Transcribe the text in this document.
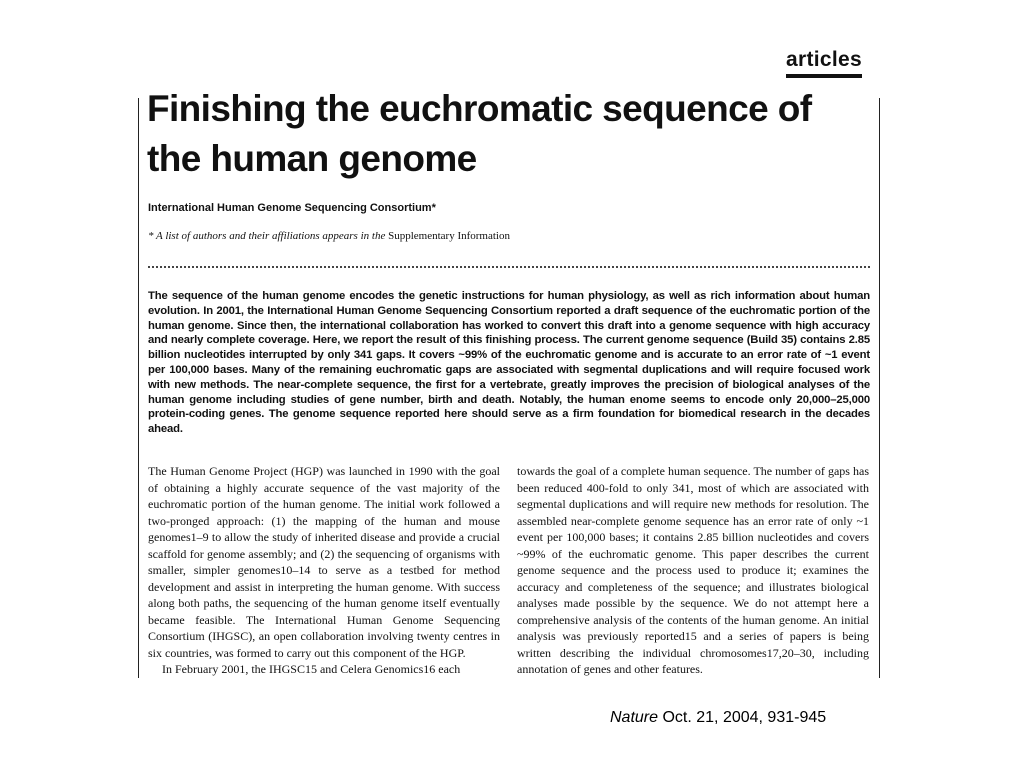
articles
Finishing the euchromatic sequence of the human genome
International Human Genome Sequencing Consortium*
* A list of authors and their affiliations appears in the Supplementary Information

The sequence of the human genome encodes the genetic instructions for human physiology, as well as rich information about human evolution. In 2001, the International Human Genome Sequencing Consortium reported a draft sequence of the euchromatic portion of the human genome. Since then, the international collaboration has worked to convert this draft into a genome sequence with high accuracy and nearly complete coverage. Here, we report the result of this finishing process. The current genome sequence (Build 35) contains 2.85 billion nucleotides interrupted by only 341 gaps. It covers ~99% of the euchromatic genome and is accurate to an error rate of ~1 event per 100,000 bases. Many of the remaining euchromatic gaps are associated with segmental duplications and will require focused work with new methods. The near-complete sequence, the first for a vertebrate, greatly improves the precision of biological analyses of the human genome including studies of gene number, birth and death. Notably, the human enome seems to encode only 20,000–25,000 protein-coding genes. The genome sequence reported here should serve as a firm foundation for biomedical research in the decades ahead.

The Human Genome Project (HGP) was launched in 1990 with the goal of obtaining a highly accurate sequence of the vast majority of the euchromatic portion of the human genome. The initial work followed a two-pronged approach: (1) the mapping of the human and mouse genomes1–9 to allow the study of inherited disease and provide a crucial scaffold for genome assembly; and (2) the sequencing of organisms with smaller, simpler genomes10–14 to serve as a testbed for method development and assist in interpreting the human genome. With success along both paths, the sequencing of the human genome itself eventually became feasible. The International Human Genome Sequencing Consortium (IHGSC), an open collaboration involving twenty centres in six countries, was formed to carry out this component of the HGP.

In February 2001, the IHGSC15 and Celera Genomics16 each

towards the goal of a complete human sequence. The number of gaps has been reduced 400-fold to only 341, most of which are associated with segmental duplications and will require new methods for resolution. The assembled near-complete genome sequence has an error rate of only ~1 event per 100,000 bases; it contains 2.85 billion nucleotides and covers ~99% of the euchromatic genome. This paper describes the current genome sequence and the process used to produce it; examines the accuracy and completeness of the sequence; and illustrates biological analyses made possible by the sequence. We do not attempt here a comprehensive analysis of the contents of the human genome. An initial analysis was previously reported15 and a series of papers is being written describing the individual chromosomes17,20–30, including annotation of genes and other features.

Nature Oct. 21, 2004, 931-945
